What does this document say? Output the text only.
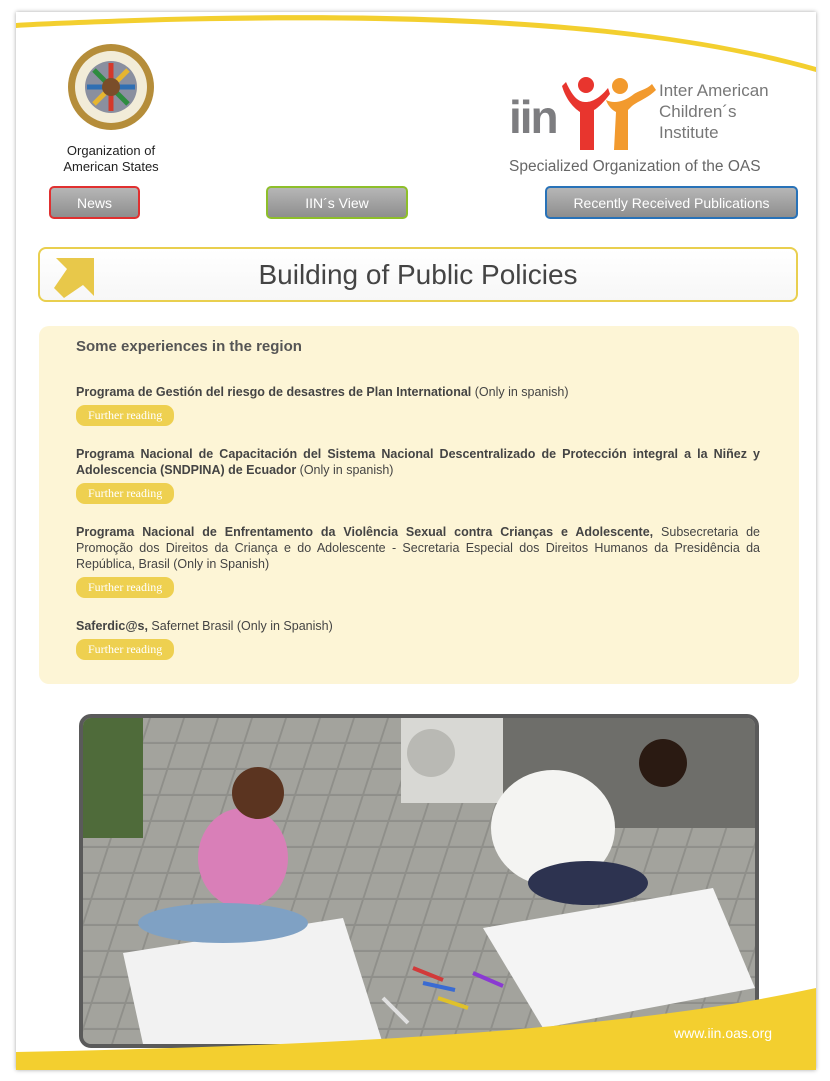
Organization of
American States
iin
Inter American
Children´s
Institute
Specialized Organization of the OAS
News	IIN´s View	Recently Received Publications
Building of Public Policies
Some experiences in the region
Programa de Gestión del riesgo de desastres de Plan International (Only in spanish)
Further reading
Programa Nacional de Capacitación del Sistema Nacional Descentralizado de Protección integral a la Niñez y Adolescencia (SNDPINA) de Ecuador (Only in spanish)
Further reading
Programa Nacional de Enfrentamento da Violência Sexual contra Crianças e Adolescente, Subsecretaria de Promoção dos Direitos da Criança e do Adolescente - Secretaria Especial dos Direitos Humanos da Presidência da República, Brasil (Only in Spanish)
Further reading
Saferdic@s, Safernet Brasil (Only in Spanish)
Further reading
www.iin.oas.org
